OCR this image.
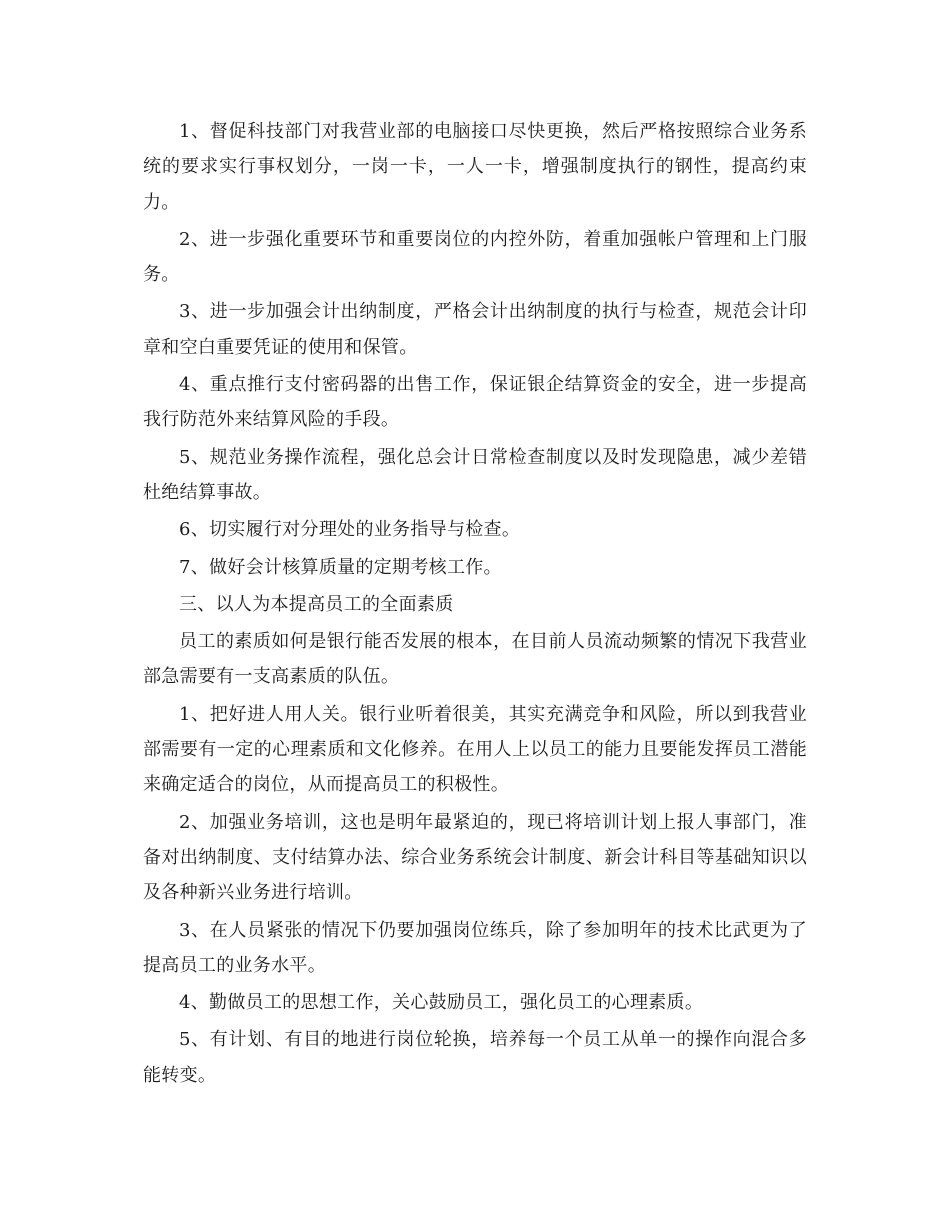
1、督促科技部门对我营业部的电脑接口尽快更换，然后严格按照综合业务系统的要求实行事权划分，一岗一卡，一人一卡，增强制度执行的钢性，提高约束力。

2、进一步强化重要环节和重要岗位的内控外防，着重加强帐户管理和上门服务。

3、进一步加强会计出纳制度，严格会计出纳制度的执行与检查，规范会计印章和空白重要凭证的使用和保管。

4、重点推行支付密码器的出售工作，保证银企结算资金的安全，进一步提高我行防范外来结算风险的手段。

5、规范业务操作流程，强化总会计日常检查制度以及时发现隐患，减少差错杜绝结算事故。

6、切实履行对分理处的业务指导与检查。

7、做好会计核算质量的定期考核工作。

三、以人为本提高员工的全面素质

员工的素质如何是银行能否发展的根本，在目前人员流动频繁的情况下我营业部急需要有一支高素质的队伍。

1、把好进人用人关。银行业听着很美，其实充满竞争和风险，所以到我营业部需要有一定的心理素质和文化修养。在用人上以员工的能力且要能发挥员工潜能来确定适合的岗位，从而提高员工的积极性。

2、加强业务培训，这也是明年最紧迫的，现已将培训计划上报人事部门，准备对出纳制度、支付结算办法、综合业务系统会计制度、新会计科目等基础知识以及各种新兴业务进行培训。

3、在人员紧张的情况下仍要加强岗位练兵，除了参加明年的技术比武更为了提高员工的业务水平。

4、勤做员工的思想工作，关心鼓励员工，强化员工的心理素质。

5、有计划、有目的地进行岗位轮换，培养每一个员工从单一的操作向混合多能转变。
